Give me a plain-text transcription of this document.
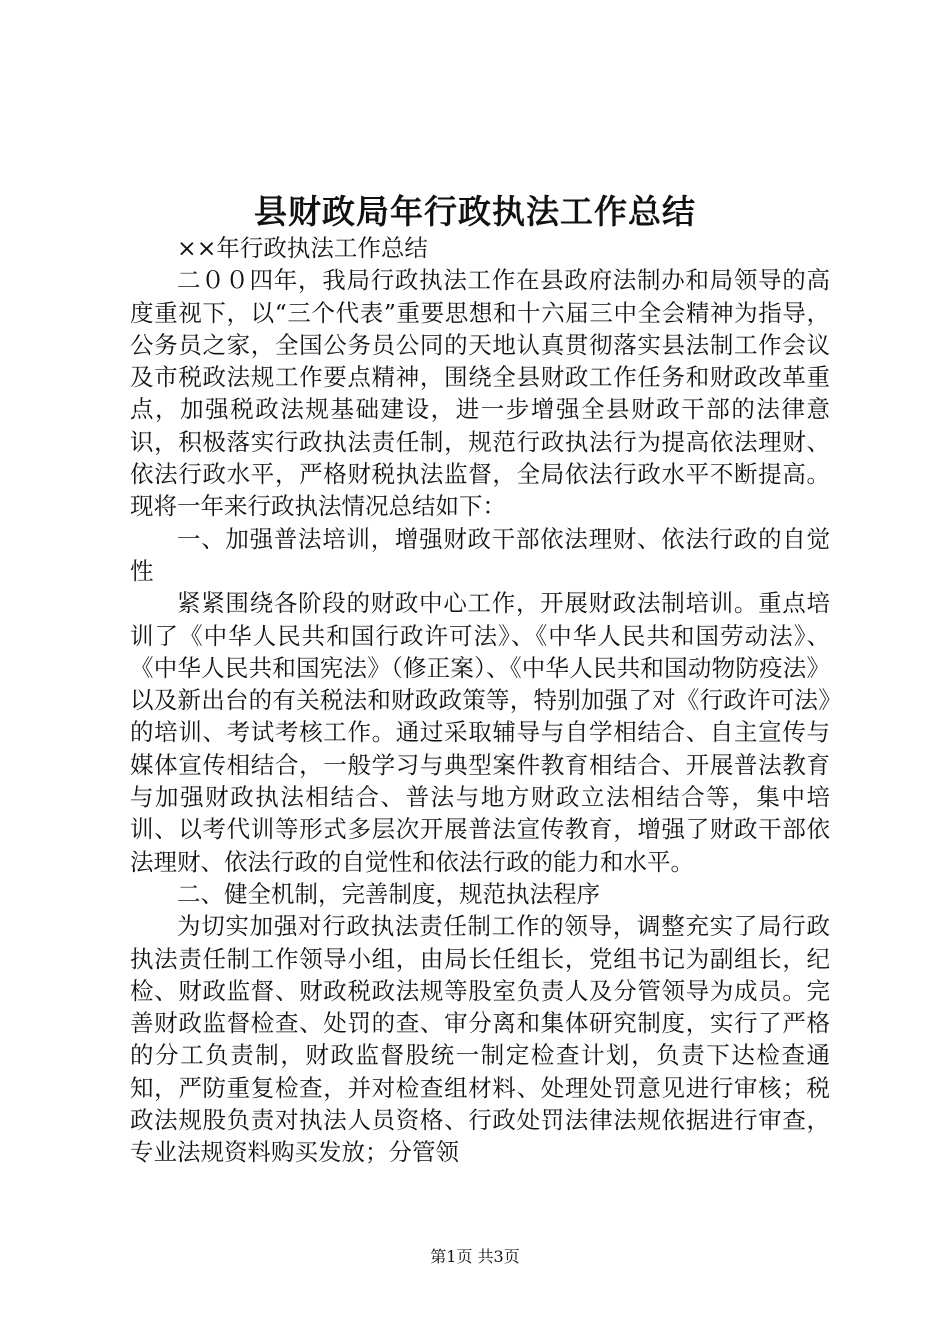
县财政局年行政执法工作总结

××年行政执法工作总结

二００四年，我局行政执法工作在县政府法制办和局领导的高度重视下，以“三个代表”重要思想和十六届三中全会精神为指导，公务员之家，全国公务员公同的天地认真贯彻落实县法制工作会议及市税政法规工作要点精神，围绕全县财政工作任务和财政改革重点，加强税政法规基础建设，进一步增强全县财政干部的法律意识，积极落实行政执法责任制，规范行政执法行为提高依法理财、依法行政水平，严格财税执法监督，全局依法行政水平不断提高。现将一年来行政执法情况总结如下：

一、加强普法培训，增强财政干部依法理财、依法行政的自觉性

紧紧围绕各阶段的财政中心工作，开展财政法制培训。重点培训了《中华人民共和国行政许可法》、《中华人民共和国劳动法》、《中华人民共和国宪法》（修正案）、《中华人民共和国动物防疫法》以及新出台的有关税法和财政政策等，特别加强了对《行政许可法》的培训、考试考核工作。通过采取辅导与自学相结合、自主宣传与媒体宣传相结合，一般学习与典型案件教育相结合、开展普法教育与加强财政执法相结合、普法与地方财政立法相结合等，集中培训、以考代训等形式多层次开展普法宣传教育，增强了财政干部依法理财、依法行政的自觉性和依法行政的能力和水平。

二、健全机制，完善制度，规范执法程序

为切实加强对行政执法责任制工作的领导，调整充实了局行政执法责任制工作领导小组，由局长任组长，党组书记为副组长，纪检、财政监督、财政税政法规等股室负责人及分管领导为成员。完善财政监督检查、处罚的查、审分离和集体研究制度，实行了严格的分工负责制，财政监督股统一制定检查计划，负责下达检查通知，严防重复检查，并对检查组材料、处理处罚意见进行审核；税政法规股负责对执法人员资格、行政处罚法律法规依据进行审查，专业法规资料购买发放；分管领

第1页 共3页
